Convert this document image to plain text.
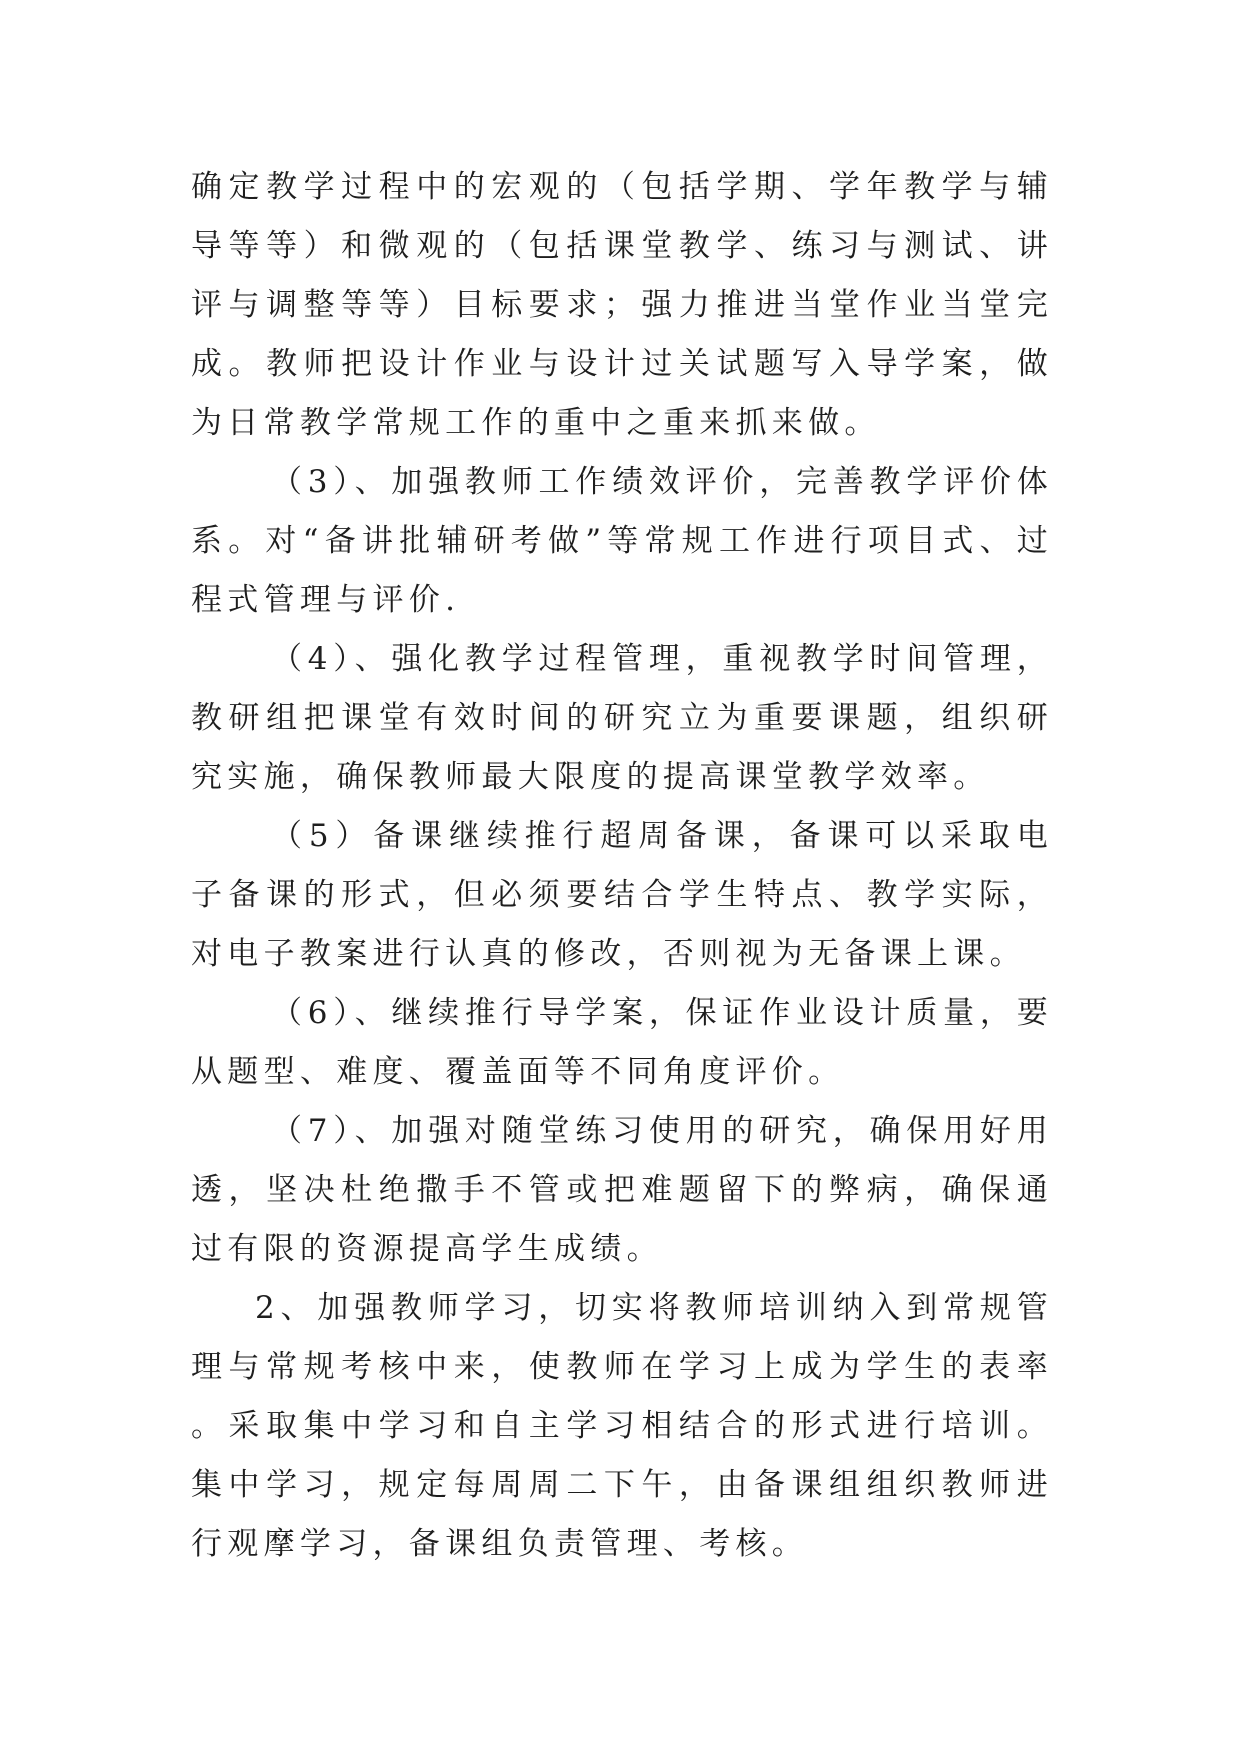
确定教学过程中的宏观的（包括学期、学年教学与辅导等等）和微观的（包括课堂教学、练习与测试、讲评与调整等等）目标要求；强力推进当堂作业当堂完成。教师把设计作业与设计过关试题写入导学案，做为日常教学常规工作的重中之重来抓来做。

（3）、加强教师工作绩效评价，完善教学评价体系。对“备讲批辅研考做”等常规工作进行项目式、过程式管理与评价.

（4）、强化教学过程管理，重视教学时间管理，教研组把课堂有效时间的研究立为重要课题，组织研究实施，确保教师最大限度的提高课堂教学效率。

（5）备课继续推行超周备课，备课可以采取电子备课的形式，但必须要结合学生特点、教学实际，对电子教案进行认真的修改，否则视为无备课上课。

（6）、继续推行导学案，保证作业设计质量，要从题型、难度、覆盖面等不同角度评价。

（7）、加强对随堂练习使用的研究，确保用好用透，坚决杜绝撒手不管或把难题留下的弊病，确保通过有限的资源提高学生成绩。

2、加强教师学习，切实将教师培训纳入到常规管理与常规考核中来，使教师在学习上成为学生的表率。采取集中学习和自主学习相结合的形式进行培训。集中学习，规定每周周二下午，由备课组组织教师进行观摩学习，备课组负责管理、考核。
